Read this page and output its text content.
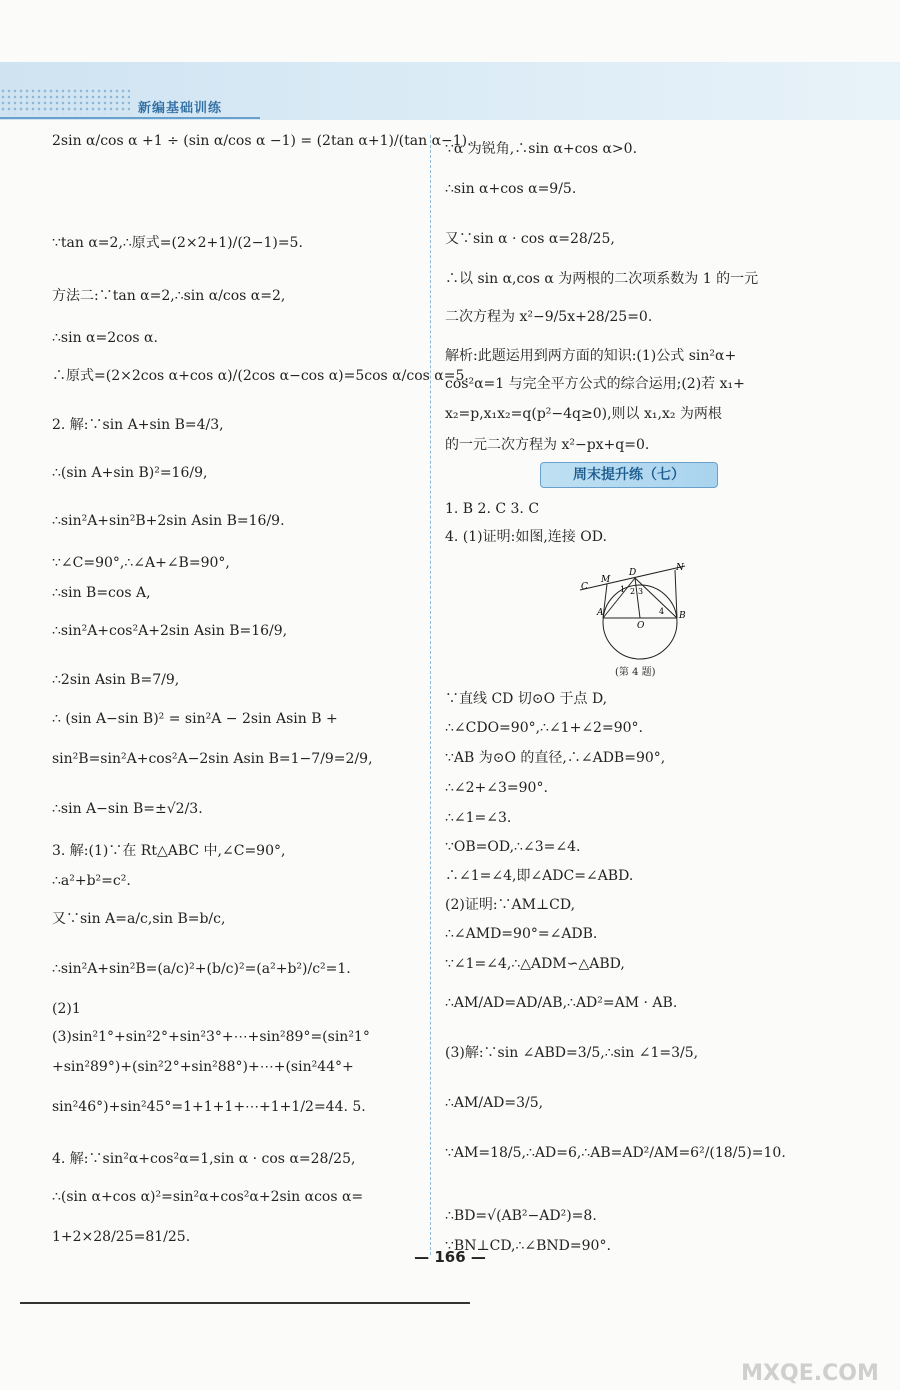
新编基础训练
2sin α/cos α +1 ÷ (sin α/cos α −1) = (2tan α+1)/(tan α−1).
∵tan α=2,∴原式=(2×2+1)/(2−1)=5.
方法二:∵tan α=2,∴sin α/cos α=2,
∴sin α=2cos α.
∴原式=(2×2cos α+cos α)/(2cos α−cos α)=5cos α/cos α=5.
2. 解:∵sin A+sin B=4/3,
∴(sin A+sin B)²=16/9,
∴sin²A+sin²B+2sin Asin B=16/9.
∵∠C=90°,∴∠A+∠B=90°,
∴sin B=cos A,
∴sin²A+cos²A+2sin Asin B=16/9,
∴2sin Asin B=7/9,
∴ (sin A−sin B)² = sin²A − 2sin Asin B +
sin²B=sin²A+cos²A−2sin Asin B=1−7/9=2/9,
∴sin A−sin B=±√2/3.
3. 解:(1)∵在 Rt△ABC 中,∠C=90°,
∴a²+b²=c².
又∵sin A=a/c,sin B=b/c,
∴sin²A+sin²B=(a/c)²+(b/c)²=(a²+b²)/c²=1.
(2)1
(3)sin²1°+sin²2°+sin²3°+⋯+sin²89°=(sin²1°
+sin²89°)+(sin²2°+sin²88°)+⋯+(sin²44°+
sin²46°)+sin²45°=1+1+1+⋯+1+1/2=44. 5.
4. 解:∵sin²α+cos²α=1,sin α · cos α=28/25,
∴(sin α+cos α)²=sin²α+cos²α+2sin αcos α=
1+2×28/25=81/25.
∵α 为锐角,∴sin α+cos α>0.
∴sin α+cos α=9/5.
又∵sin α · cos α=28/25,
∴以 sin α,cos α 为两根的二次项系数为 1 的一元
二次方程为 x²−9/5x+28/25=0.
解析:此题运用到两方面的知识:(1)公式 sin²α+
cos²α=1 与完全平方公式的综合运用;(2)若 x₁+
x₂=p,x₁x₂=q(p²−4q≥0),则以 x₁,x₂ 为两根
的一元二次方程为 x²−px+q=0.
1. B 2. C 3. C
4. (1)证明:如图,连接 OD.
∵直线 CD 切⊙O 于点 D,
∴∠CDO=90°,∴∠1+∠2=90°.
∵AB 为⊙O 的直径,∴∠ADB=90°,
∴∠2+∠3=90°.
∴∠1=∠3.
∵OB=OD,∴∠3=∠4.
∴∠1=∠4,即∠ADC=∠ABD.
(2)证明:∵AM⊥CD,
∴∠AMD=90°=∠ADB.
∵∠1=∠4,∴△ADM∽△ABD,
∴AM/AD=AD/AB,∴AD²=AM · AB.
(3)解:∵sin ∠ABD=3/5,∴sin ∠1=3/5,
∴AM/AD=3/5,
∵AM=18/5,∴AD=6,∴AB=AD²/AM=6²/(18/5)=10.
∴BD=√(AB²−AD²)=8.
∵BN⊥CD,∴∠BND=90°.
周末提升练（七）
N
D
M
C	2 3
1
4
A
O
B
(第 4 题)
— 166 —
MXQE.COM
